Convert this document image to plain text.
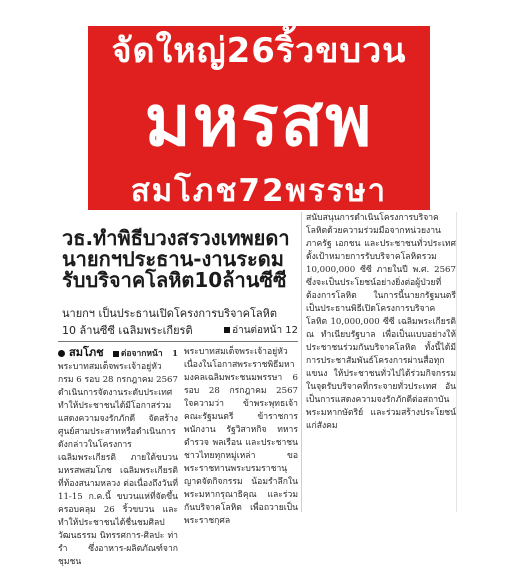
จัดใหญ่26ริ้วขบวน
มหรสพ
สมโภช72พรรษา
วธ.ทำพิธีบวงสรวงเทพยดา
นายกฯประธาน-งานระดม
รับบริจาคโลหิต10ล้านซีซี
นายกฯ เป็นประธานเปิดโครงการบริจาคโลหิต
10 ล้านซีซี เฉลิมพระเกียรติ	อ่านต่อหน้า 12
สมโภช ต่อจากหน้า 1 พระบาทสมเด็จพระเจ้าอยู่หัว กรม 6 รอบ 28 กรกฎาคม 2567 ดำเนินการจัดงานระดับประเทศ ทำให้ประชาชนได้มีโอกาสร่วมแสดงความจงรักภักดี จัดสร้างศูนย์สามประสาทหรือดำเนินการดังกล่าวในโครงการเฉลิมพระเกียรติ ภายใต้ขบวนมหรสพสมโภช เฉลิมพระเกียรติ ที่ท้องสนามหลวง ต่อเนื่องถึงวันที่ 11-15 ก.ค.นี้ ขบวนแห่ที่จัดขึ้น ครอบคลุม 26 ริ้วขบวน และทำให้ประชาชนได้ชื่นชมศิลปวัฒนธรรม นิทรรศการ-ศิลปะ ท่ารำ ซึ่งอาหาร-ผลิตภัณฑ์จากชุมชน
พระบาทสมเด็จพระเจ้าอยู่หัว เนื่องในโอกาสพระราชพิธีมหามงคลเฉลิมพระชนมพรรษา 6 รอบ 28 กรกฎาคม 2567 ใจความว่า ข้าพระพุทธเจ้า คณะรัฐมนตรี ข้าราชการ พนักงาน รัฐวิสาหกิจ ทหาร ตำรวจ พลเรือน และประชาชนชาวไทยทุกหมู่เหล่า ขอพระราชทานพระบรมราชานุญาตจัดกิจกรรม น้อมรำลึกในพระมหากรุณาธิคุณ และร่วมกันบริจาคโลหิต เพื่อถวายเป็นพระราชกุศล
สนับสนุนการดำเนินโครงการบริจาคโลหิตด้วยความร่วมมือจากหน่วยงานภาครัฐ เอกชน และประชาชนทั่วประเทศ ตั้งเป้าหมายการรับบริจาคโลหิตรวม 10,000,000 ซีซี ภายในปี พ.ศ. 2567 ซึ่งจะเป็นประโยชน์อย่างยิ่งต่อผู้ป่วยที่ต้องการโลหิต ในการนี้นายกรัฐมนตรี เป็นประธานพิธีเปิดโครงการบริจาคโลหิต 10,000,000 ซีซี เฉลิมพระเกียรติ ณ ทำเนียบรัฐบาล เพื่อเป็นแบบอย่างให้ประชาชนร่วมกันบริจาคโลหิต ทั้งนี้ได้มีการประชาสัมพันธ์โครงการผ่านสื่อทุกแขนง ให้ประชาชนทั่วไปได้ร่วมกิจกรรมในจุดรับบริจาคที่กระจายทั่วประเทศ อันเป็นการแสดงความจงรักภักดีต่อสถาบันพระมหากษัตริย์ และร่วมสร้างประโยชน์แก่สังคม
